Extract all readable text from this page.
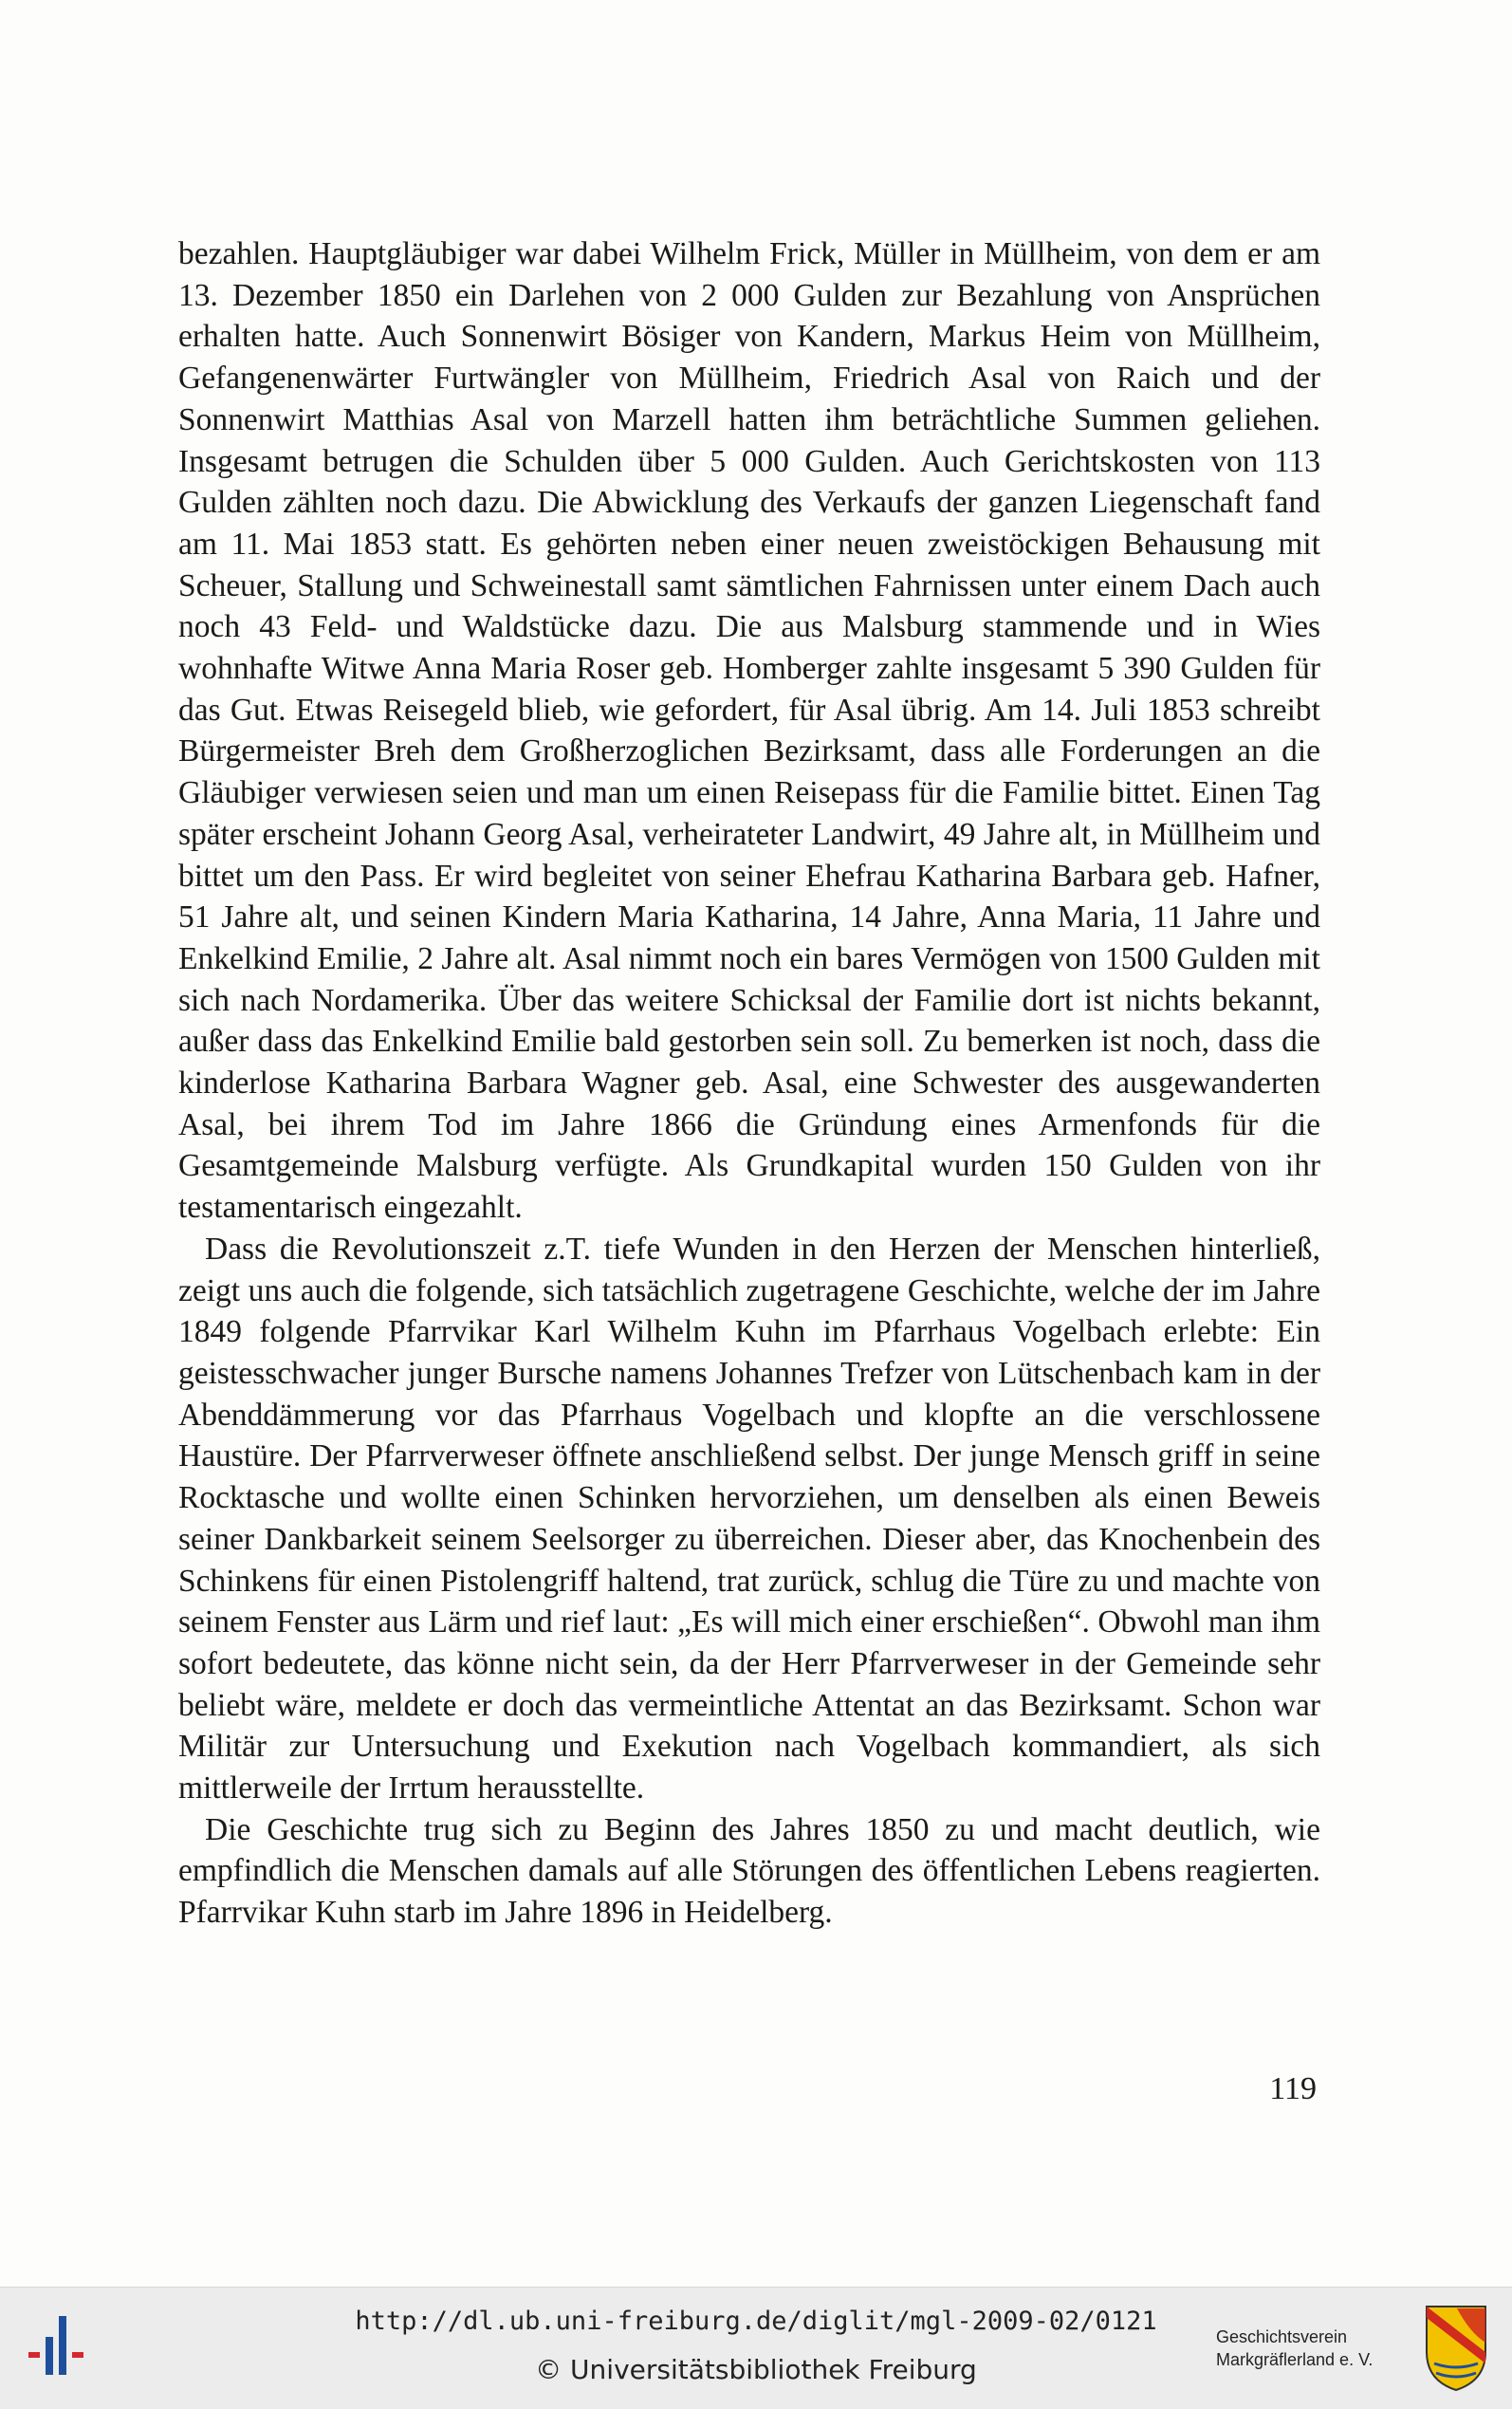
bezahlen. Hauptgläubiger war dabei Wilhelm Frick, Müller in Müllheim, von dem er am 13. Dezember 1850 ein Darlehen von 2 000 Gulden zur Bezahlung von Ansprüchen erhalten hatte. Auch Sonnenwirt Bösiger von Kandern, Markus Heim von Müllheim, Gefangenenwärter Furtwängler von Müllheim, Friedrich Asal von Raich und der Sonnenwirt Matthias Asal von Marzell hatten ihm beträchtliche Summen geliehen. Insgesamt betrugen die Schulden über 5 000 Gulden. Auch Gerichtskosten von 113 Gulden zählten noch dazu. Die Abwicklung des Verkaufs der ganzen Liegenschaft fand am 11. Mai 1853 statt. Es gehörten neben einer neuen zweistöckigen Behausung mit Scheuer, Stallung und Schweinestall samt sämtlichen Fahrnissen unter einem Dach auch noch 43 Feld- und Waldstücke dazu. Die aus Malsburg stammende und in Wies wohnhafte Witwe Anna Maria Roser geb. Homberger zahlte insgesamt 5 390 Gulden für das Gut. Etwas Reisegeld blieb, wie gefordert, für Asal übrig. Am 14. Juli 1853 schreibt Bürgermeister Breh dem Großherzoglichen Bezirksamt, dass alle Forderungen an die Gläubiger verwiesen seien und man um einen Reisepass für die Familie bittet. Einen Tag später erscheint Johann Georg Asal, verheirateter Landwirt, 49 Jahre alt, in Müllheim und bittet um den Pass. Er wird begleitet von seiner Ehefrau Katharina Barbara geb. Hafner, 51 Jahre alt, und seinen Kindern Maria Katharina, 14 Jahre, Anna Maria, 11 Jahre und Enkelkind Emilie, 2 Jahre alt. Asal nimmt noch ein bares Vermögen von 1500 Gulden mit sich nach Nordamerika. Über das weitere Schicksal der Familie dort ist nichts bekannt, außer dass das Enkelkind Emilie bald gestorben sein soll. Zu bemerken ist noch, dass die kinderlose Katharina Barbara Wagner geb. Asal, eine Schwester des ausgewanderten Asal, bei ihrem Tod im Jahre 1866 die Gründung eines Armenfonds für die Gesamtgemeinde Malsburg verfügte. Als Grundkapital wurden 150 Gulden von ihr testamentarisch eingezahlt.

Dass die Revolutionszeit z.T. tiefe Wunden in den Herzen der Menschen hinterließ, zeigt uns auch die folgende, sich tatsächlich zugetragene Geschichte, welche der im Jahre 1849 folgende Pfarrvikar Karl Wilhelm Kuhn im Pfarrhaus Vogelbach erlebte: Ein geistesschwacher junger Bursche namens Johannes Trefzer von Lütschenbach kam in der Abenddämmerung vor das Pfarrhaus Vogelbach und klopfte an die verschlossene Haustüre. Der Pfarrverweser öffnete anschließend selbst. Der junge Mensch griff in seine Rocktasche und wollte einen Schinken hervorziehen, um denselben als einen Beweis seiner Dankbarkeit seinem Seelsorger zu überreichen. Dieser aber, das Knochenbein des Schinkens für einen Pistolengriff haltend, trat zurück, schlug die Türe zu und machte von seinem Fenster aus Lärm und rief laut: „Es will mich einer erschießen“. Obwohl man ihm sofort bedeutete, das könne nicht sein, da der Herr Pfarrverweser in der Gemeinde sehr beliebt wäre, meldete er doch das vermeintliche Attentat an das Bezirksamt. Schon war Militär zur Untersuchung und Exekution nach Vogelbach kommandiert, als sich mittlerweile der Irrtum herausstellte.

Die Geschichte trug sich zu Beginn des Jahres 1850 zu und macht deutlich, wie empfindlich die Menschen damals auf alle Störungen des öffentlichen Lebens reagierten. Pfarrvikar Kuhn starb im Jahre 1896 in Heidelberg.

119
http://dl.ub.uni-freiburg.de/diglit/mgl-2009-02/0121
© Universitätsbibliothek Freiburg
Geschichtsverein
Markgräflerland e. V.
